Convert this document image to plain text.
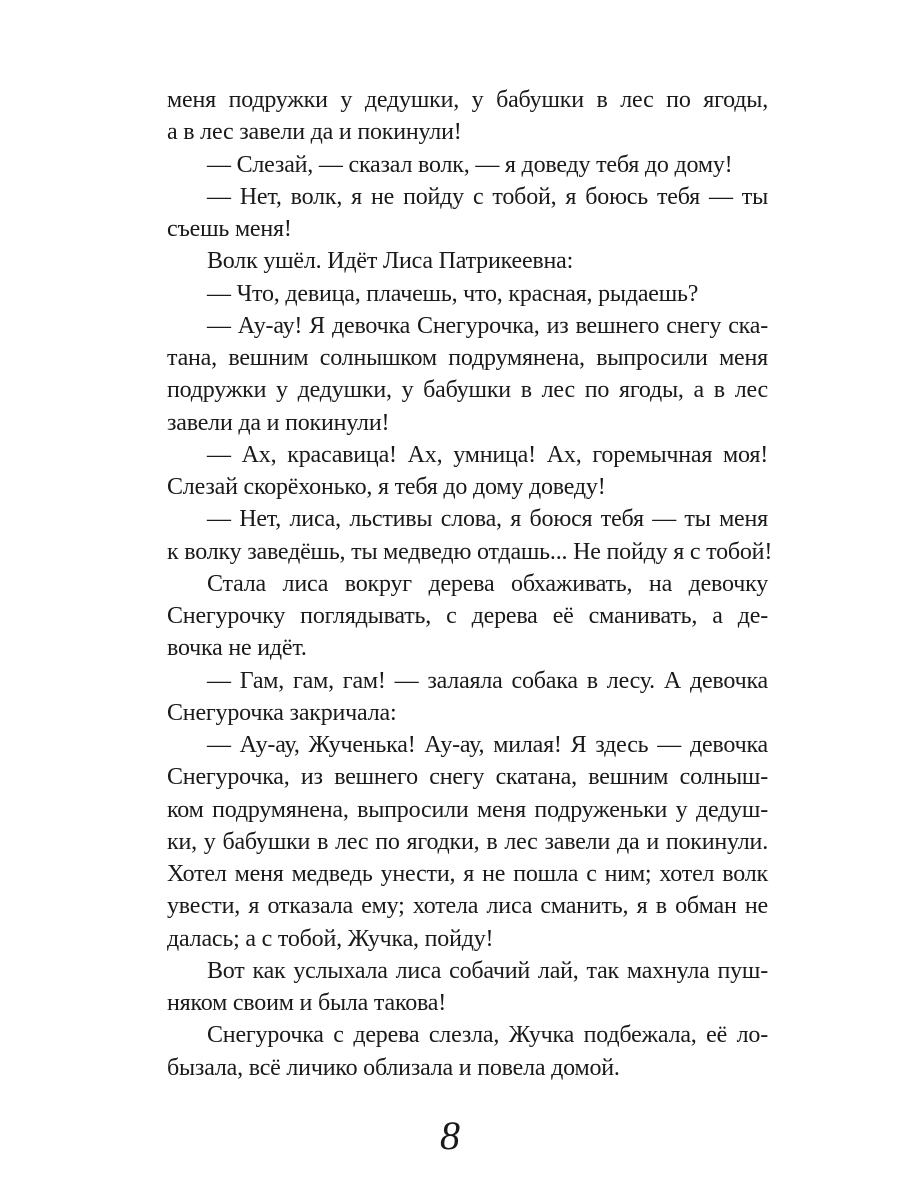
меня подружки у дедушки, у бабушки в лес по ягоды,
а в лес завели да и покинули!
— Слезай, — сказал волк, — я доведу тебя до дому!
— Нет, волк, я не пойду с тобой, я боюсь тебя — ты
съешь меня!
Волк ушёл. Идёт Лиса Патрикеевна:
— Что, девица, плачешь, что, красная, рыдаешь?
— Ау-ау! Я девочка Снегурочка, из вешнего снегу ска-
тана, вешним солнышком подрумянена, выпросили меня
подружки у дедушки, у бабушки в лес по ягоды, а в лес
завели да и покинули!
— Ах, красавица! Ах, умница! Ах, горемычная моя!
Слезай скорёхонько, я тебя до дому доведу!
— Нет, лиса, льстивы слова, я боюся тебя — ты меня
к волку заведёшь, ты медведю отдашь... Не пойду я с тобой!
Стала лиса вокруг дерева обхаживать, на девочку
Снегурочку поглядывать, с дерева её сманивать, а де-
вочка не идёт.
— Гам, гам, гам! — залаяла собака в лесу. А девочка
Снегурочка закричала:
— Ау-ау, Жученька! Ау-ау, милая! Я здесь — девочка
Снегурочка, из вешнего снегу скатана, вешним солныш-
ком подрумянена, выпросили меня подруженьки у дедуш-
ки, у бабушки в лес по ягодки, в лес завели да и покинули.
Хотел меня медведь унести, я не пошла с ним; хотел волк
увести, я отказала ему; хотела лиса сманить, я в обман не
далась; а с тобой, Жучка, пойду!
Вот как услыхала лиса собачий лай, так махнула пуш-
няком своим и была такова!
Снегурочка с дерева слезла, Жучка подбежала, её ло-
бызала, всё личико облизала и повела домой.
8
